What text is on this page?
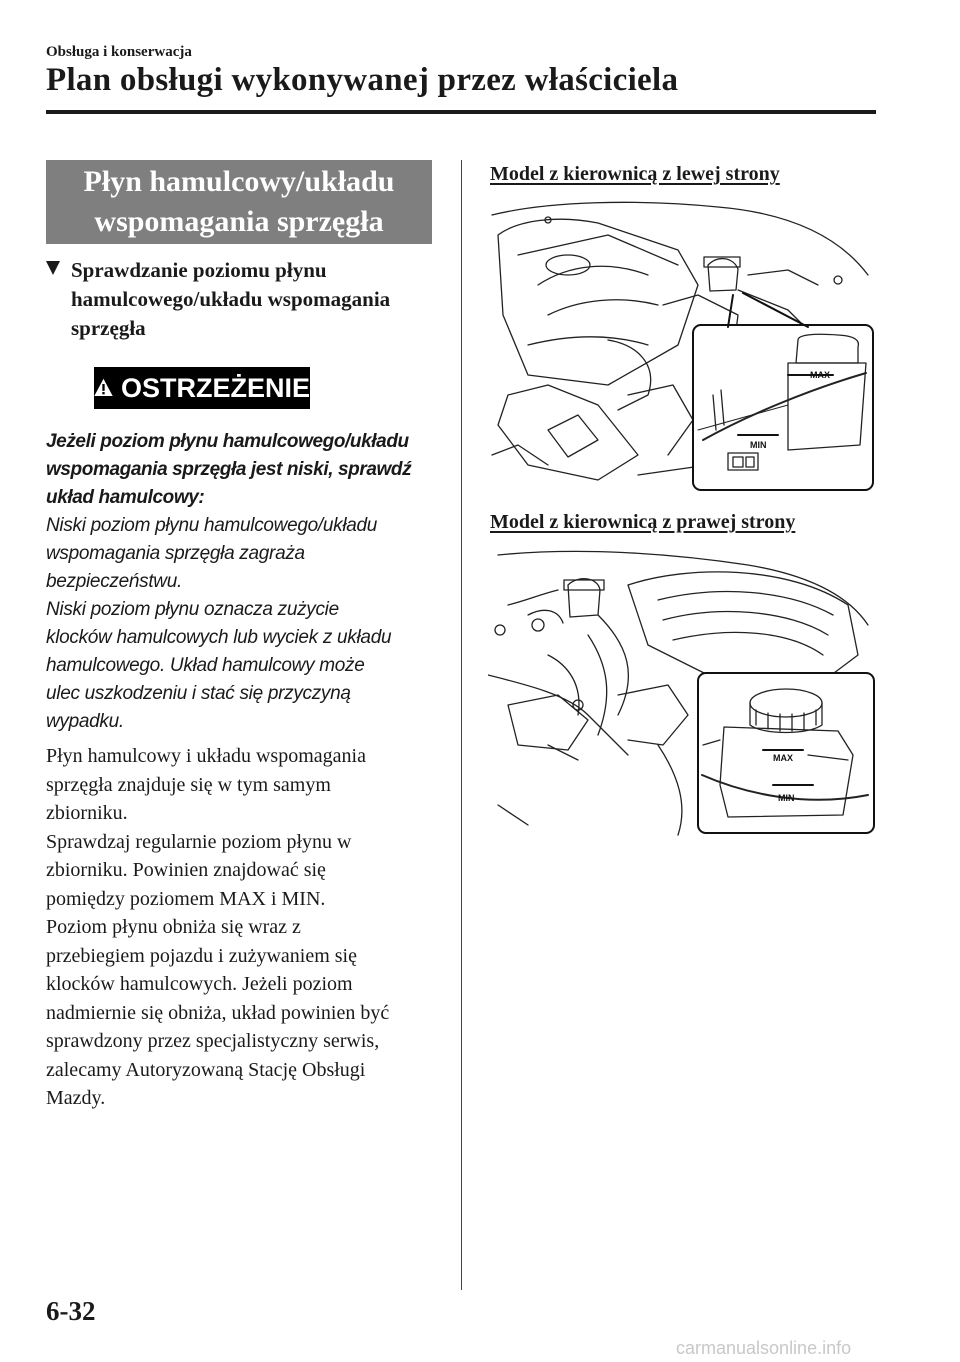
Obsługa i konserwacja
Plan obsługi wykonywanej przez właściciela
Płyn hamulcowy/układu
wspomagania sprzęgła
Sprawdzanie poziomu płynu
hamulcowego/układu wspomagania
sprzęgła
OSTRZEŻENIE
Jeżeli poziom płynu hamulcowego/układu
wspomagania sprzęgła jest niski, sprawdź
układ hamulcowy:

Niski poziom płynu hamulcowego/układu

wspomagania sprzęgła zagraża

bezpieczeństwu.

Niski poziom płynu oznacza zużycie

klocków hamulcowych lub wyciek z układu

hamulcowego. Układ hamulcowy może

ulec uszkodzeniu i stać się przyczyną

wypadku.

Płyn hamulcowy i układu wspomagania

sprzęgła znajduje się w tym samym

zbiorniku.

Sprawdzaj regularnie poziom płynu w

zbiorniku. Powinien znajdować się

pomiędzy poziomem MAX i MIN.

Poziom płynu obniża się wraz z

przebiegiem pojazdu i zużywaniem się

klocków hamulcowych. Jeżeli poziom

nadmiernie się obniża, układ powinien być

sprawdzony przez specjalistyczny serwis,

zalecamy Autoryzowaną Stację Obsługi

Mazdy.

Model z kierownicą z lewej strony
MAX
MIN
Model z kierownicą z prawej strony
MAX
MIN
6-32
carmanualsonline.info
